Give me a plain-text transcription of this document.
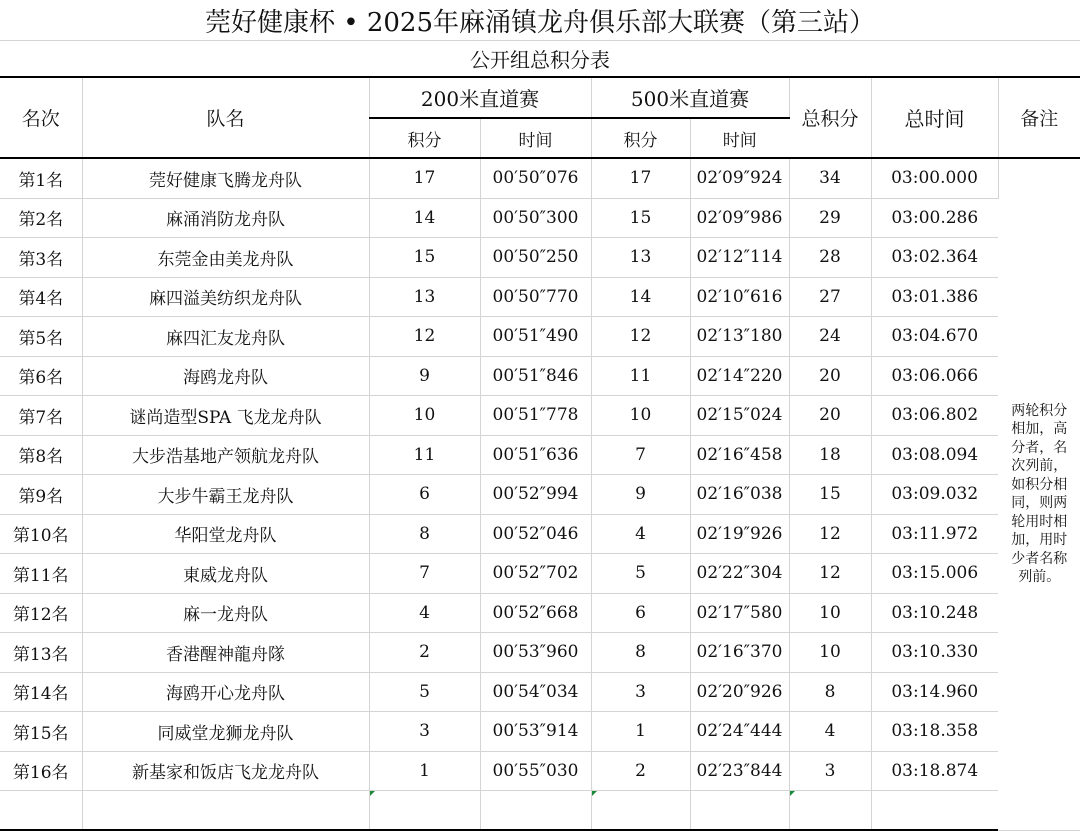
莞好健康杯 • 2025年麻涌镇龙舟俱乐部大联赛（第三站）
公开组总积分表
名次	队名	200米直道赛		500米直道赛		总积分	总时间	备注
		积分	时间	积分	时间			
第1名	莞好健康飞腾龙舟队	17	00′50″076	17	02′09″924	34	03:00.000	两轮积分相加，高分者，名次列前，如积分相同，则两轮用时相加，用时少者名称列前。
第2名	麻涌消防龙舟队	14	00′50″300	15	02′09″986	29	03:00.286	
第3名	东莞金由美龙舟队	15	00′50″250	13	02′12″114	28	03:02.364	
第4名	麻四溢美纺织龙舟队	13	00′50″770	14	02′10″616	27	03:01.386	
第5名	麻四汇友龙舟队	12	00′51″490	12	02′13″180	24	03:04.670	
第6名	海鸥龙舟队	9	00′51″846	11	02′14″220	20	03:06.066	
第7名	谜尚造型SPA 飞龙龙舟队	10	00′51″778	10	02′15″024	20	03:06.802	
第8名	大步浩基地产领航龙舟队	11	00′51″636	7	02′16″458	18	03:08.094	
第9名	大步牛霸王龙舟队	6	00′52″994	9	02′16″038	15	03:09.032	
第10名	华阳堂龙舟队	8	00′52″046	4	02′19″926	12	03:11.972	
第11名	東威龙舟队	7	00′52″702	5	02′22″304	12	03:15.006	
第12名	麻一龙舟队	4	00′52″668	6	02′17″580	10	03:10.248	
第13名	香港醒神龍舟隊	2	00′53″960	8	02′16″370	10	03:10.330	
第14名	海鸥开心龙舟队	5	00′54″034	3	02′20″926	8	03:14.960	
第15名	同威堂龙狮龙舟队	3	00′53″914	1	02′24″444	4	03:18.358	
第16名	新基家和饭店飞龙龙舟队	1	00′55″030	2	02′23″844	3	03:18.874	
